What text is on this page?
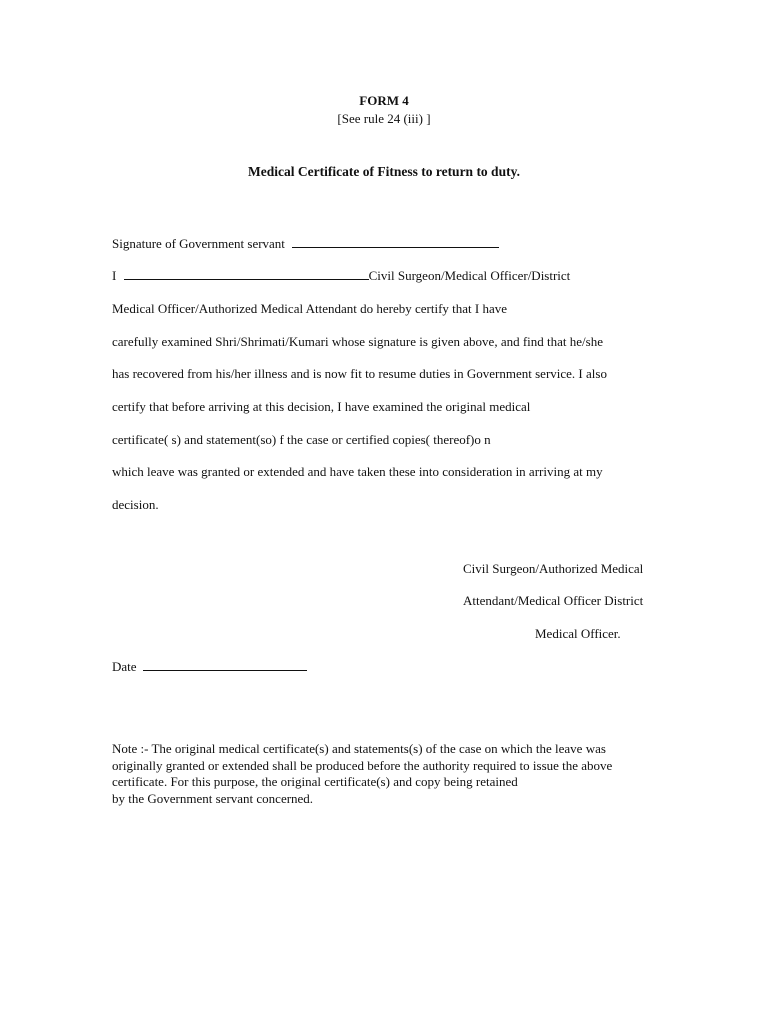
FORM 4
[See rule 24 (iii) ]
Medical Certificate of Fitness to return to duty.
Signature of Government servant
I	Civil Surgeon/Medical Officer/District
Medical Officer/Authorized Medical Attendant do hereby certify that I have
carefully examined Shri/Shrimati/Kumari whose signature is given above, and find that he/she
has recovered from his/her illness and is now fit to resume duties in Government service. I also
certify that before arriving at this decision, I have examined the original medical
certificate( s) and statement(so) f the case or certified copies( thereof)o n
which leave was granted or extended and have taken these into consideration in arriving at my
decision.
Civil Surgeon/Authorized Medical
Attendant/Medical Officer District
Medical Officer.
Date
Note :- The original medical certificate(s) and statements(s) of the case on which the leave was
originally granted or extended shall be produced before the authority required to issue the above
certificate. For this purpose, the original certificate(s) and copy being retained
by the Government servant concerned.
